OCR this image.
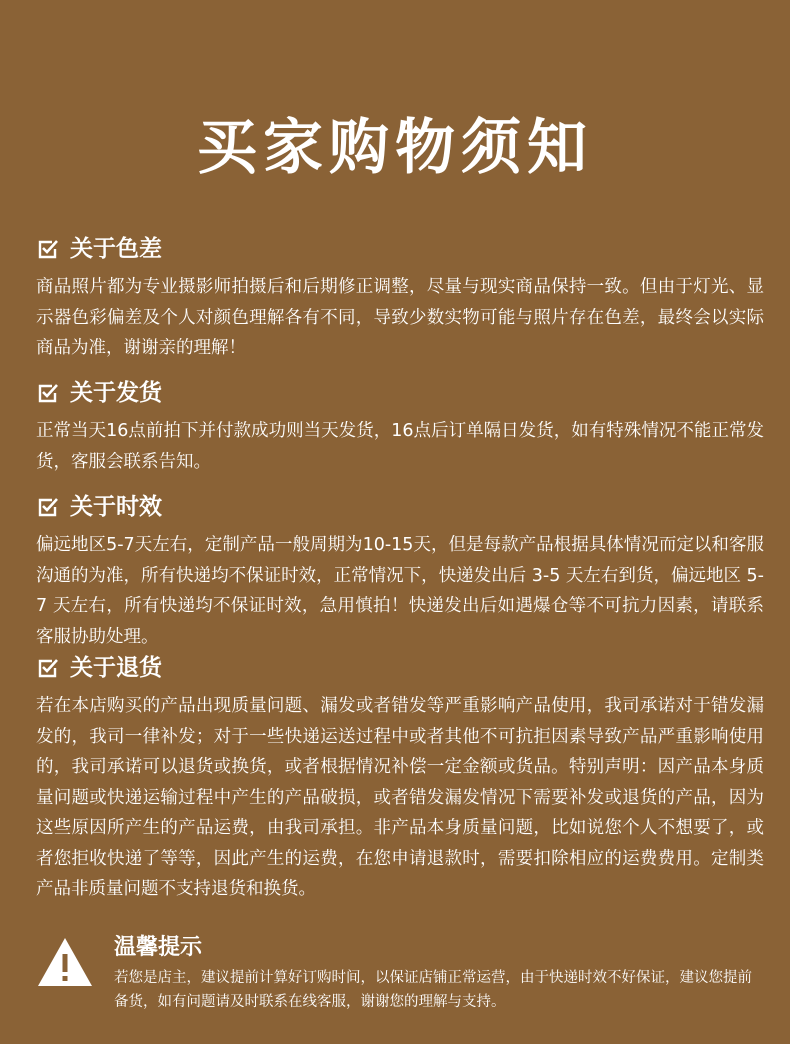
买家购物须知
关于色差
商品照片都为专业摄影师拍摄后和后期修正调整，尽量与现实商品保持一致。但由于灯光、显示器色彩偏差及个人对颜色理解各有不同，导致少数实物可能与照片存在色差，最终会以实际商品为准，谢谢亲的理解！
关于发货
正常当天16点前拍下并付款成功则当天发货，16点后订单隔日发货，如有特殊情况不能正常发货，客服会联系告知。
关于时效
偏远地区5-7天左右，定制产品一般周期为10-15天，但是每款产品根据具体情况而定以和客服沟通的为准，所有快递均不保证时效，正常情况下，快递发出后 3-5 天左右到货，偏远地区 5-7 天左右，所有快递均不保证时效，急用慎拍！快递发出后如遇爆仓等不可抗力因素，请联系客服协助处理。
关于退货
若在本店购买的产品出现质量问题、漏发或者错发等严重影响产品使用，我司承诺对于错发漏发的，我司一律补发；对于一些快递运送过程中或者其他不可抗拒因素导致产品严重影响使用的，我司承诺可以退货或换货，或者根据情况补偿一定金额或货品。特别声明：因产品本身质量问题或快递运输过程中产生的产品破损，或者错发漏发情况下需要补发或退货的产品，因为这些原因所产生的产品运费，由我司承担。非产品本身质量问题，比如说您个人不想要了，或者您拒收快递了等等，因此产生的运费，在您申请退款时，需要扣除相应的运费费用。定制类产品非质量问题不支持退货和换货。
温馨提示
若您是店主，建议提前计算好订购时间，以保证店铺正常运营，由于快递时效不好保证，建议您提前备货，如有问题请及时联系在线客服，谢谢您的理解与支持。
